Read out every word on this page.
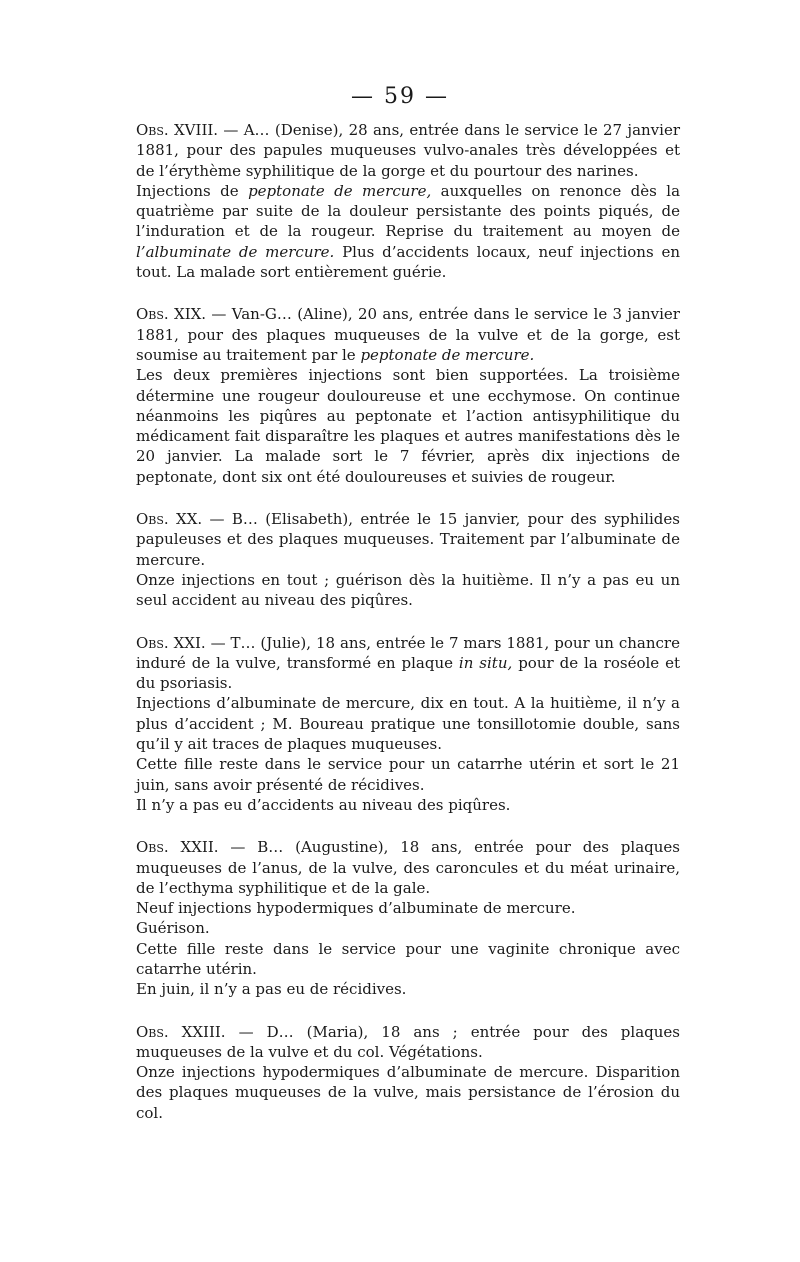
— 59 —

Obs. XVIII. — A… (Denise), 28 ans, entrée dans le service le 27 janvier 1881, pour des papules muqueuses vulvo-anales très développées et de l’érythème syphilitique de la gorge et du pourtour des narines.

Injections de peptonate de mercure, auxquelles on renonce dès la quatrième par suite de la douleur persistante des points piqués, de l’induration et de la rougeur. Reprise du traitement au moyen de l’albuminate de mercure. Plus d’accidents locaux, neuf injections en tout. La malade sort entièrement guérie.

Obs. XIX. — Van-G… (Aline), 20 ans, entrée dans le service le 3 janvier 1881, pour des plaques muqueuses de la vulve et de la gorge, est soumise au traitement par le peptonate de mercure.

Les deux premières injections sont bien supportées. La troisième détermine une rougeur douloureuse et une ecchymose. On continue néanmoins les piqûres au peptonate et l’action antisyphilitique du médicament fait disparaître les plaques et autres manifestations dès le 20 janvier. La malade sort le 7 février, après dix injections de peptonate, dont six ont été douloureuses et suivies de rougeur.

Obs. XX. — B… (Elisabeth), entrée le 15 janvier, pour des syphilides papuleuses et des plaques muqueuses. Traitement par l’albuminate de mercure.

Onze injections en tout ; guérison dès la huitième. Il n’y a pas eu un seul accident au niveau des piqûres.

Obs. XXI. — T… (Julie), 18 ans, entrée le 7 mars 1881, pour un chancre induré de la vulve, transformé en plaque in situ, pour de la roséole et du psoriasis.

Injections d’albuminate de mercure, dix en tout. A la huitième, il n’y a plus d’accident ; M. Boureau pratique une tonsillotomie double, sans qu’il y ait traces de plaques muqueuses.

Cette fille reste dans le service pour un catarrhe utérin et sort le 21 juin, sans avoir présenté de récidives.

Il n’y a pas eu d’accidents au niveau des piqûres.

Obs. XXII. — B… (Augustine), 18 ans, entrée pour des plaques muqueuses de l’anus, de la vulve, des caroncules et du méat urinaire, de l’ecthyma syphilitique et de la gale.

Neuf injections hypodermiques d’albuminate de mercure.

Guérison.

Cette fille reste dans le service pour une vaginite chronique avec catarrhe utérin.

En juin, il n’y a pas eu de récidives.

Obs. XXIII. — D… (Maria), 18 ans ; entrée pour des plaques muqueuses de la vulve et du col. Végétations.

Onze injections hypodermiques d’albuminate de mercure. Disparition des plaques muqueuses de la vulve, mais persistance de l’érosion du col.
